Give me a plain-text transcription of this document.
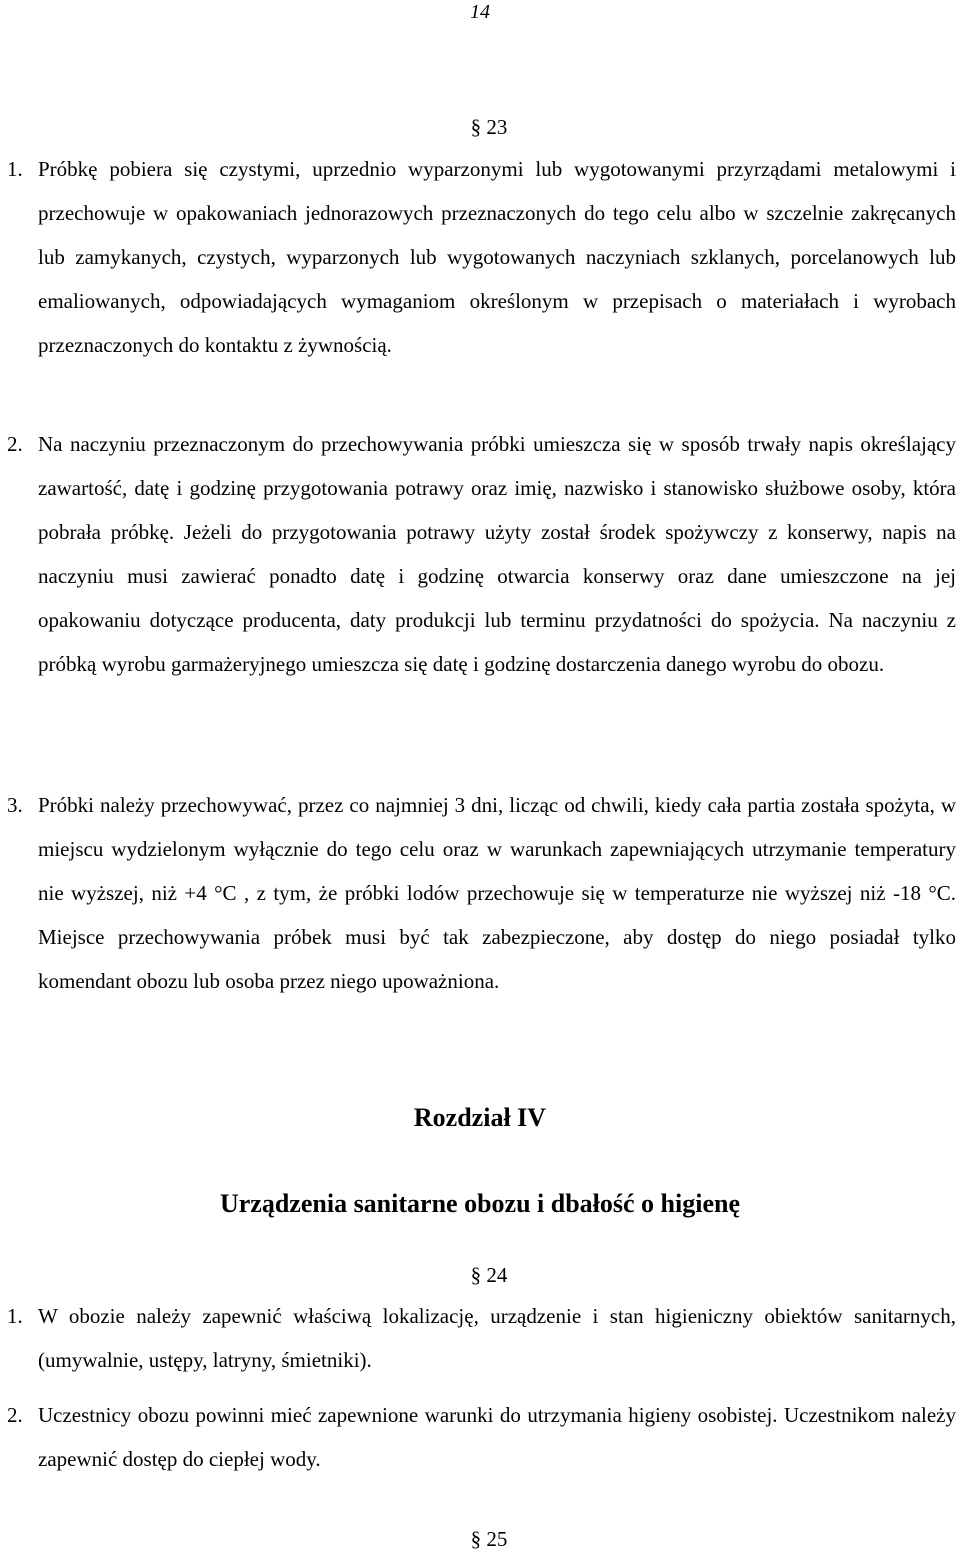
14
§ 23

1. Próbkę pobiera się czystymi, uprzednio wyparzonymi lub wygotowanymi przyrządami metalowymi i przechowuje w opakowaniach jednorazowych przeznaczonych do tego celu albo w szczelnie zakręcanych lub zamykanych, czystych, wyparzonych lub wygotowanych naczyniach szklanych, porcelanowych lub emaliowanych, odpowiadających wymaganiom określonym w przepisach o materiałach i wyrobach przeznaczonych do kontaktu z żywnością.

2. Na naczyniu przeznaczonym do przechowywania próbki umieszcza się w sposób trwały napis określający zawartość, datę i godzinę przygotowania potrawy oraz imię, nazwisko i stanowisko służbowe osoby, która pobrała próbkę. Jeżeli do przygotowania potrawy użyty został środek spożywczy z konserwy, napis na naczyniu musi zawierać ponadto datę i godzinę otwarcia konserwy oraz dane umieszczone na jej opakowaniu dotyczące producenta, daty produkcji lub terminu przydatności do spożycia. Na naczyniu z próbką wyrobu garmażeryjnego umieszcza się datę i godzinę dostarczenia danego wyrobu do obozu.

3. Próbki należy przechowywać, przez co najmniej 3 dni, licząc od chwili, kiedy cała partia została spożyta, w miejscu wydzielonym wyłącznie do tego celu oraz w warunkach zapewniających utrzymanie temperatury nie wyższej, niż +4 °C , z tym, że próbki lodów przechowuje się w temperaturze nie wyższej niż -18 °C. Miejsce przechowywania próbek musi być tak zabezpieczone, aby dostęp do niego posiadał tylko komendant obozu lub osoba przez niego upoważniona.

Rozdział IV
Urządzenia sanitarne obozu i dbałość o higienę
§ 24

1. W obozie należy zapewnić właściwą lokalizację, urządzenie i stan higieniczny obiektów sanitarnych, (umywalnie, ustępy, latryny, śmietniki).

2. Uczestnicy obozu powinni mieć zapewnione warunki do utrzymania higieny osobistej. Uczestnikom należy zapewnić dostęp do ciepłej wody.

§ 25
